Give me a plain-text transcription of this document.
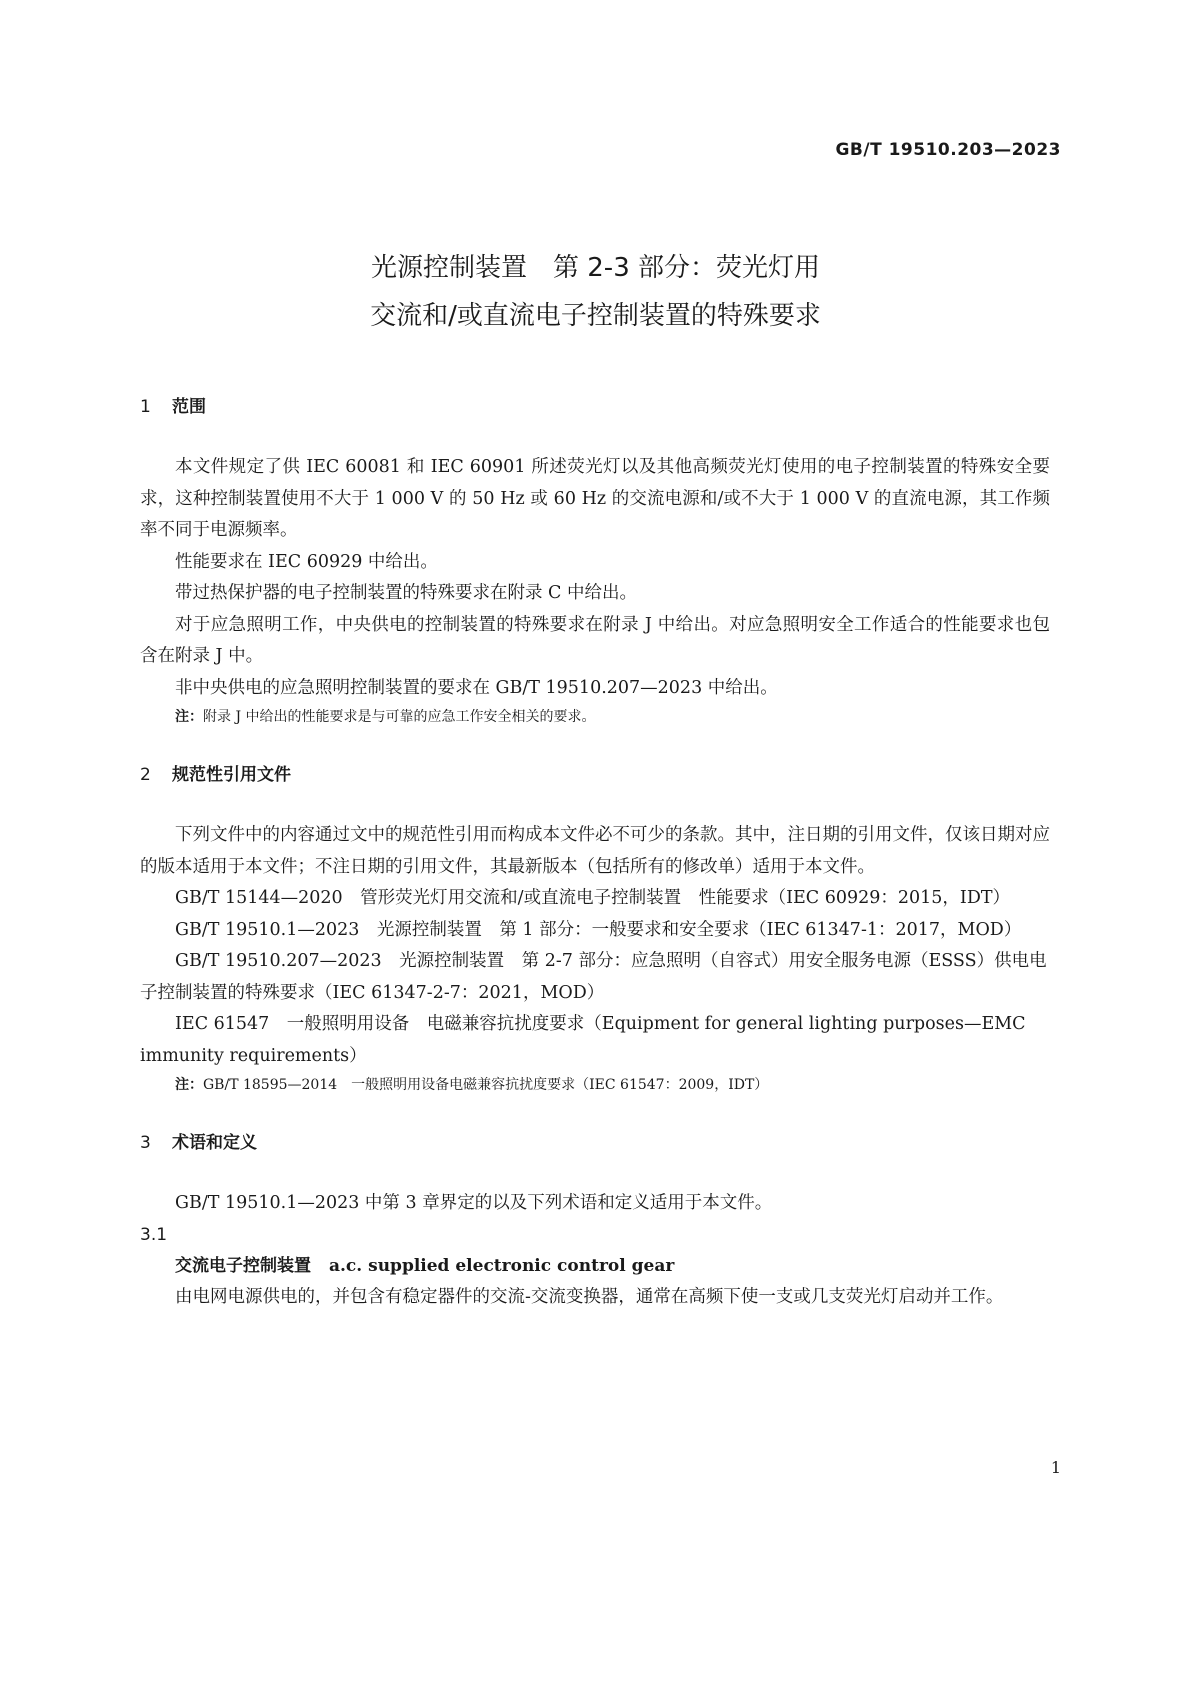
GB/T 19510.203—2023
光源控制装置　第 2-3 部分：荧光灯用
交流和/或直流电子控制装置的特殊要求
1 范围

本文件规定了供 IEC 60081 和 IEC 60901 所述荧光灯以及其他高频荧光灯使用的电子控制装置的特殊安全要求，这种控制装置使用不大于 1 000 V 的 50 Hz 或 60 Hz 的交流电源和/或不大于 1 000 V 的直流电源，其工作频率不同于电源频率。

性能要求在 IEC 60929 中给出。

带过热保护器的电子控制装置的特殊要求在附录 C 中给出。

对于应急照明工作，中央供电的控制装置的特殊要求在附录 J 中给出。对应急照明安全工作适合的性能要求也包含在附录 J 中。

非中央供电的应急照明控制装置的要求在 GB/T 19510.207—2023 中给出。

注：附录 J 中给出的性能要求是与可靠的应急工作安全相关的要求。

2 规范性引用文件

下列文件中的内容通过文中的规范性引用而构成本文件必不可少的条款。其中，注日期的引用文件，仅该日期对应的版本适用于本文件；不注日期的引用文件，其最新版本（包括所有的修改单）适用于本文件。

GB/T 15144—2020　管形荧光灯用交流和/或直流电子控制装置　性能要求（IEC 60929：2015，IDT）

GB/T 19510.1—2023　光源控制装置　第 1 部分：一般要求和安全要求（IEC 61347-1：2017，MOD）

GB/T 19510.207—2023　光源控制装置　第 2-7 部分：应急照明（自容式）用安全服务电源（ESSS）供电电子控制装置的特殊要求（IEC 61347-2-7：2021，MOD）

IEC 61547　一般照明用设备　电磁兼容抗扰度要求（Equipment for general lighting purposes—EMC immunity requirements）

注：GB/T 18595—2014　一般照明用设备电磁兼容抗扰度要求（IEC 61547：2009，IDT）

3 术语和定义

GB/T 19510.1—2023 中第 3 章界定的以及下列术语和定义适用于本文件。

3.1

交流电子控制装置 a.c. supplied electronic control gear

由电网电源供电的，并包含有稳定器件的交流-交流变换器，通常在高频下使一支或几支荧光灯启动并工作。

1
